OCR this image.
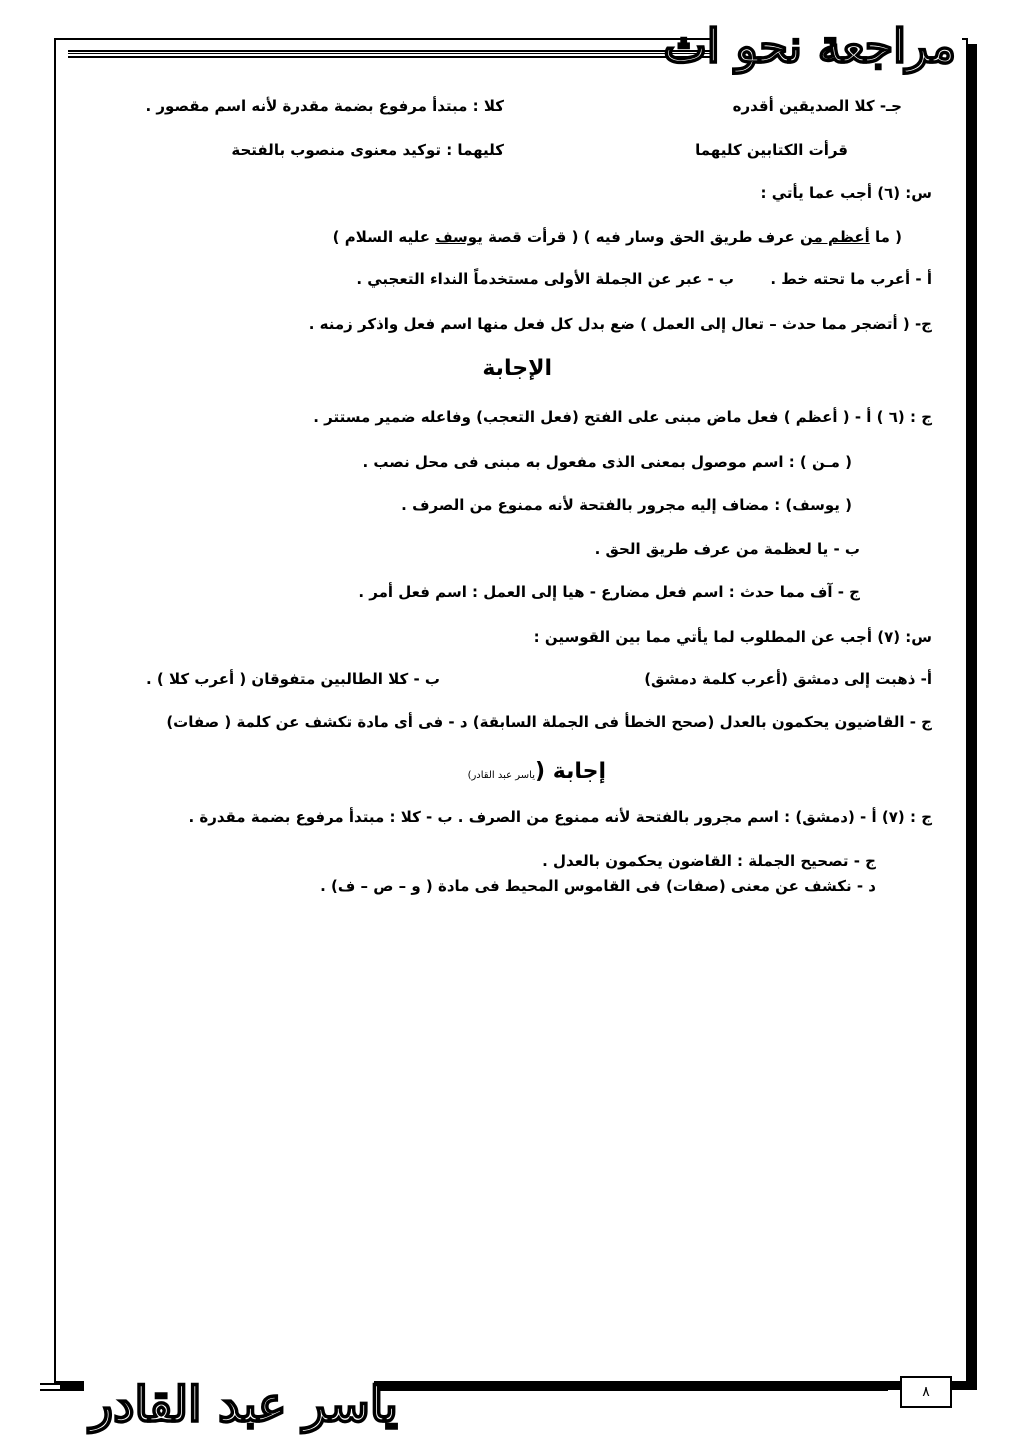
مراجعة نحو اث
جـ- كلا الصديقين أقدره
كلا : مبتدأ مرفوع بضمة مقدرة لأنه اسم مقصور .
قرأت الكتابين كليهما
كليهما : توكيد معنوى منصوب بالفتحة
س: (٦) أجب عما يأتي :
( ما أعظم من عرف طريق الحق وسار فيه ) ( قرأت قصة يوسف عليه السلام )
أ - أعرب ما تحته خط .
ب - عبر عن الجملة الأولى مستخدماً النداء التعجبي .
ج- ( أتضجر مما حدث – تعال إلى العمل ) ضع بدل كل فعل منها اسم فعل واذكر زمنه .
الإجابة
ج : (٦ ) أ - ( أعظم ) فعل ماض مبنى على الفتح (فعل التعجب) وفاعله ضمير مستتر .
( مـن ) : اسم موصول بمعنى الذى مفعول به مبنى فى محل نصب .
( يوسف) : مضاف إليه مجرور بالفتحة لأنه ممنوع من الصرف .
ب - يا لعظمة من عرف طريق الحق .
ج - آف مما حدث : اسم فعل مضارع - هيا إلى العمل : اسم فعل أمر .
س: (٧) أجب عن المطلوب لما يأتي مما بين القوسين :
أ- ذهبت إلى دمشق (أعرب كلمة دمشق)
ب - كلا الطالبين متفوقان ( أعرب كلا ) .
ج - القاضيون يحكمون بالعدل (صحح الخطأ فى الجملة السابقة) د - فى أى مادة تكشف عن كلمة ( صفات)
إجابة (ياسر عبد القادر)
ج : (٧) أ - (دمشق) : اسم مجرور بالفتحة لأنه ممنوع من الصرف . ب - كلا : مبتدأ مرفوع بضمة مقدرة .
ج - تصحيح الجملة : القاضون يحكمون بالعدل .
د - نكشف عن معنى (صفات) فى القاموس المحيط فى مادة ( و – ص – ف) .
ياسر عبد القادر	٨
